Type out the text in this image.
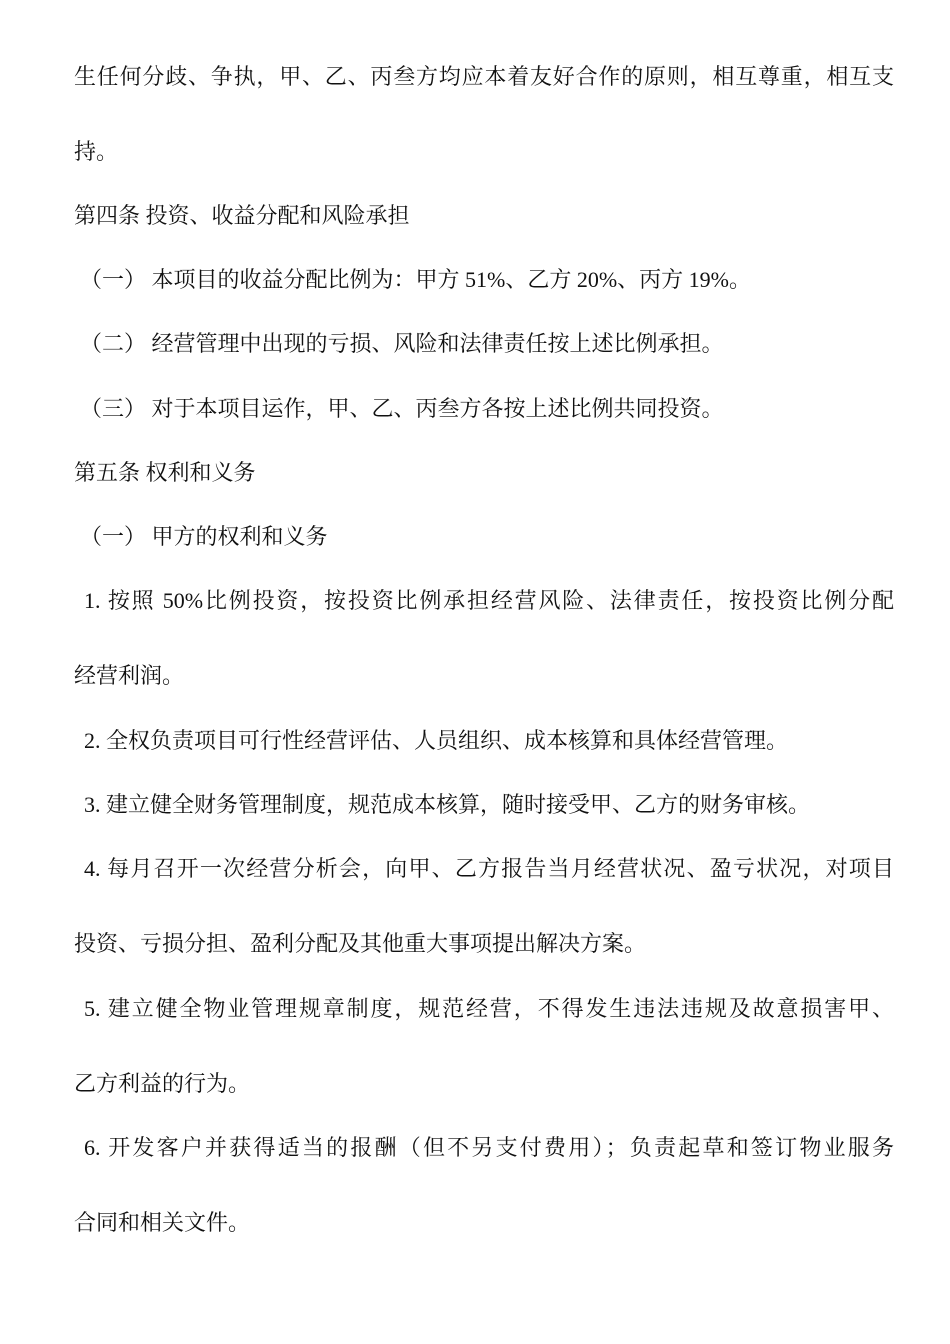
生任何分歧、争执，甲、乙、丙叁方均应本着友好合作的原则，相互尊重，相互支
持。
第四条 投资、收益分配和风险承担
（一） 本项目的收益分配比例为：甲方 51%、乙方 20%、丙方 19%。
（二） 经营管理中出现的亏损、风险和法律责任按上述比例承担。
（三） 对于本项目运作，甲、乙、丙叁方各按上述比例共同投资。
第五条 权利和义务
（一） 甲方的权利和义务
1. 按照 50%比例投资，按投资比例承担经营风险、法律责任，按投资比例分配
经营利润。
2. 全权负责项目可行性经营评估、人员组织、成本核算和具体经营管理。
3. 建立健全财务管理制度，规范成本核算，随时接受甲、乙方的财务审核。
4. 每月召开一次经营分析会，向甲、乙方报告当月经营状况、盈亏状况，对项目
投资、亏损分担、盈利分配及其他重大事项提出解决方案。
5. 建立健全物业管理规章制度，规范经营，不得发生违法违规及故意损害甲、
乙方利益的行为。
6. 开发客户并获得适当的报酬（但不另支付费用）；负责起草和签订物业服务
合同和相关文件。
